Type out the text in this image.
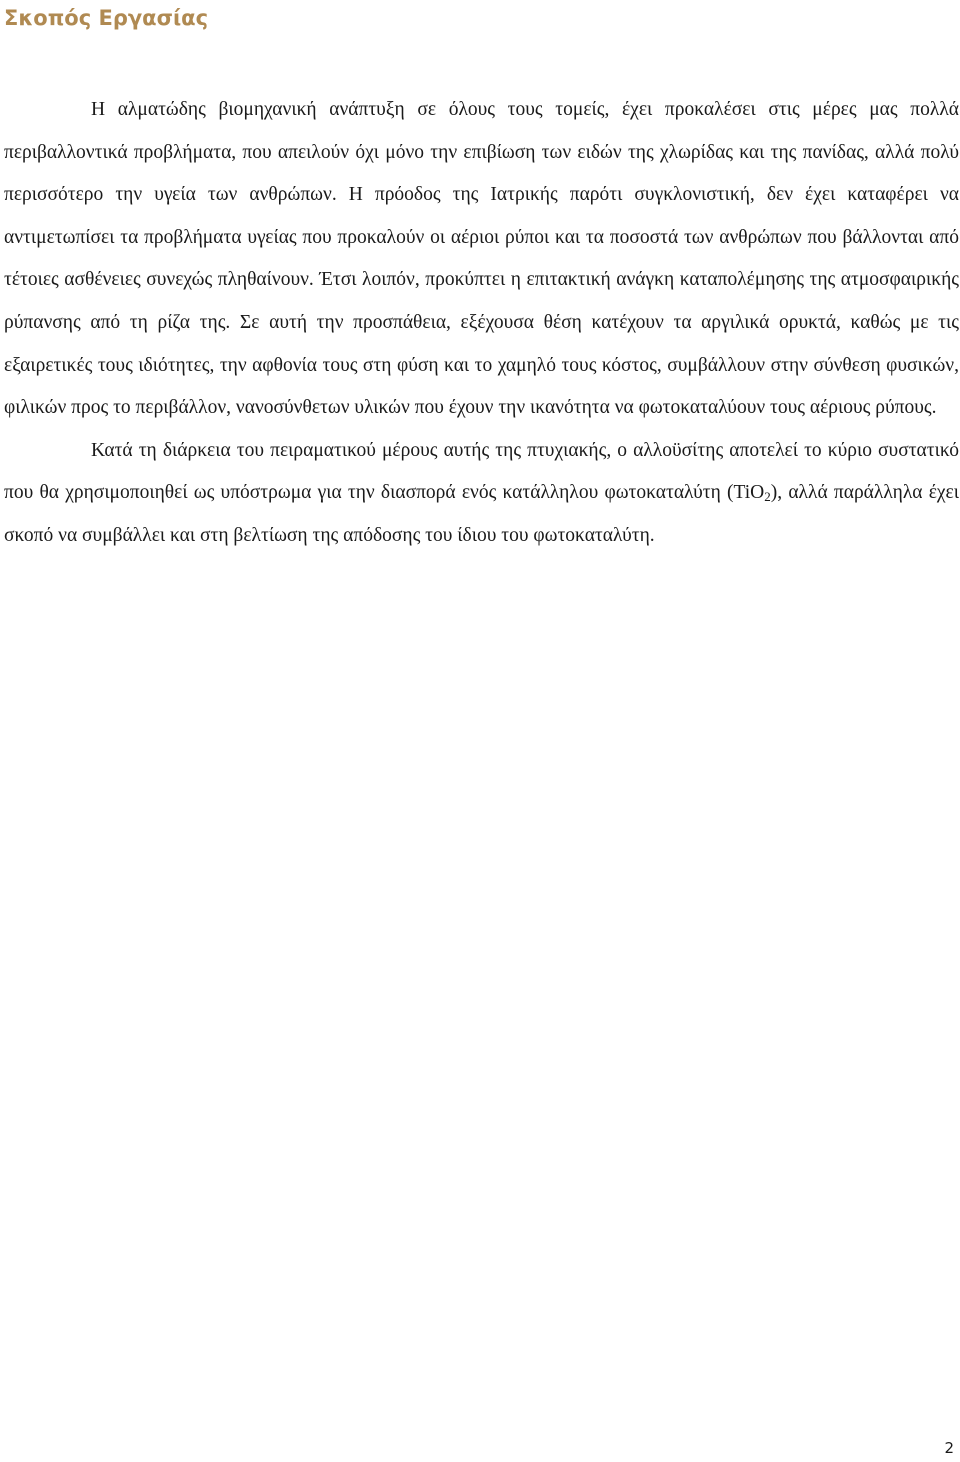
Σκοπός Εργασίας

Η αλματώδης βιομηχανική ανάπτυξη σε όλους τους τομείς, έχει προκαλέσει στις μέρες μας πολλά περιβαλλοντικά προβλήματα, που απειλούν όχι μόνο την επιβίωση των ειδών της χλωρίδας και της πανίδας, αλλά πολύ περισσότερο την υγεία των ανθρώπων. Η πρόοδος της Ιατρικής παρότι συγκλονιστική, δεν έχει καταφέρει να αντιμετωπίσει τα προβλήματα υγείας που προκαλούν οι αέριοι ρύποι και τα ποσοστά των ανθρώπων που βάλλονται από τέτοιες ασθένειες συνεχώς πληθαίνουν. Έτσι λοιπόν, προκύπτει η επιτακτική ανάγκη καταπολέμησης της ατμοσφαιρικής ρύπανσης από τη ρίζα της. Σε αυτή την προσπάθεια, εξέχουσα θέση κατέχουν τα αργιλικά ορυκτά, καθώς με τις εξαιρετικές τους ιδιότητες, την αφθονία τους στη φύση και το χαμηλό τους κόστος, συμβάλλουν στην σύνθεση φυσικών, φιλικών προς το περιβάλλον, νανοσύνθετων υλικών που έχουν την ικανότητα να φωτοκαταλύουν τους αέριους ρύπους.

Κατά τη διάρκεια του πειραματικού μέρους αυτής της πτυχιακής, ο αλλοϋσίτης αποτελεί το κύριο συστατικό που θα χρησιμοποιηθεί ως υπόστρωμα για την διασπορά ενός κατάλληλου φωτοκαταλύτη (TiO$_2$), αλλά παράλληλα έχει σκοπό να συμβάλλει και στη βελτίωση της απόδοσης του ίδιου του φωτοκαταλύτη.

2
